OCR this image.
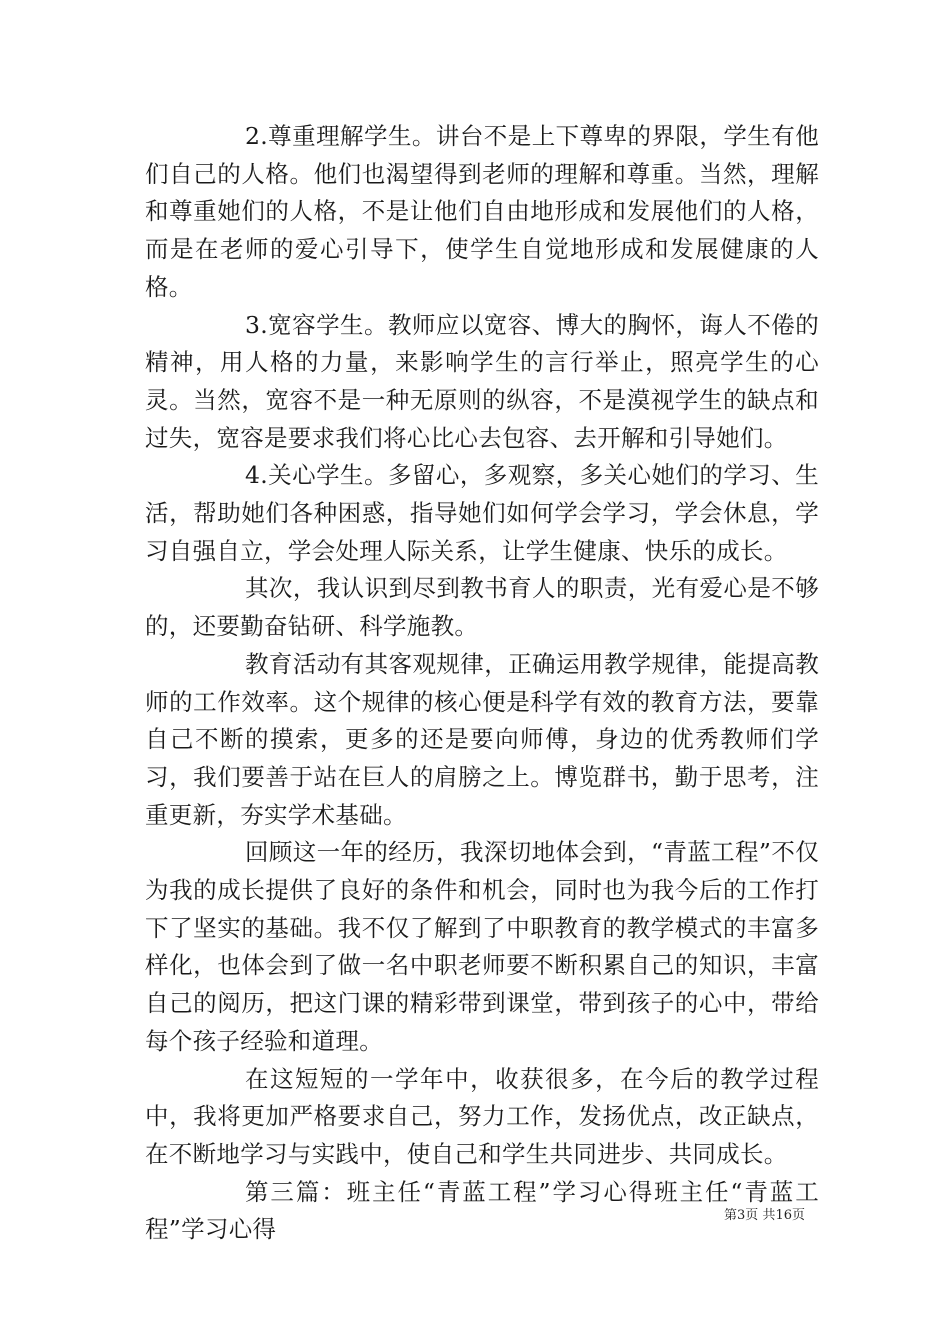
2.尊重理解学生。讲台不是上下尊卑的界限，学生有他们自己的人格。他们也渴望得到老师的理解和尊重。当然，理解和尊重她们的人格，不是让他们自由地形成和发展他们的人格，而是在老师的爱心引导下，使学生自觉地形成和发展健康的人格。

3.宽容学生。教师应以宽容、博大的胸怀，诲人不倦的精神，用人格的力量，来影响学生的言行举止，照亮学生的心灵。当然，宽容不是一种无原则的纵容，不是漠视学生的缺点和过失，宽容是要求我们将心比心去包容、去开解和引导她们。

4.关心学生。多留心，多观察，多关心她们的学习、生活，帮助她们各种困惑，指导她们如何学会学习，学会休息，学习自强自立，学会处理人际关系，让学生健康、快乐的成长。

其次，我认识到尽到教书育人的职责，光有爱心是不够的，还要勤奋钻研、科学施教。

教育活动有其客观规律，正确运用教学规律，能提高教师的工作效率。这个规律的核心便是科学有效的教育方法，要靠自己不断的摸索，更多的还是要向师傅，身边的优秀教师们学习，我们要善于站在巨人的肩膀之上。博览群书，勤于思考，注重更新，夯实学术基础。

回顾这一年的经历，我深切地体会到，“青蓝工程”不仅为我的成长提供了良好的条件和机会，同时也为我今后的工作打下了坚实的基础。我不仅了解到了中职教育的教学模式的丰富多样化，也体会到了做一名中职老师要不断积累自己的知识，丰富自己的阅历，把这门课的精彩带到课堂，带到孩子的心中，带给每个孩子经验和道理。

在这短短的一学年中，收获很多，在今后的教学过程中，我将更加严格要求自己，努力工作，发扬优点，改正缺点，在不断地学习与实践中，使自己和学生共同进步、共同成长。

第三篇：班主任“青蓝工程”学习心得班主任“青蓝工程”学习心得	第3页 共16页
